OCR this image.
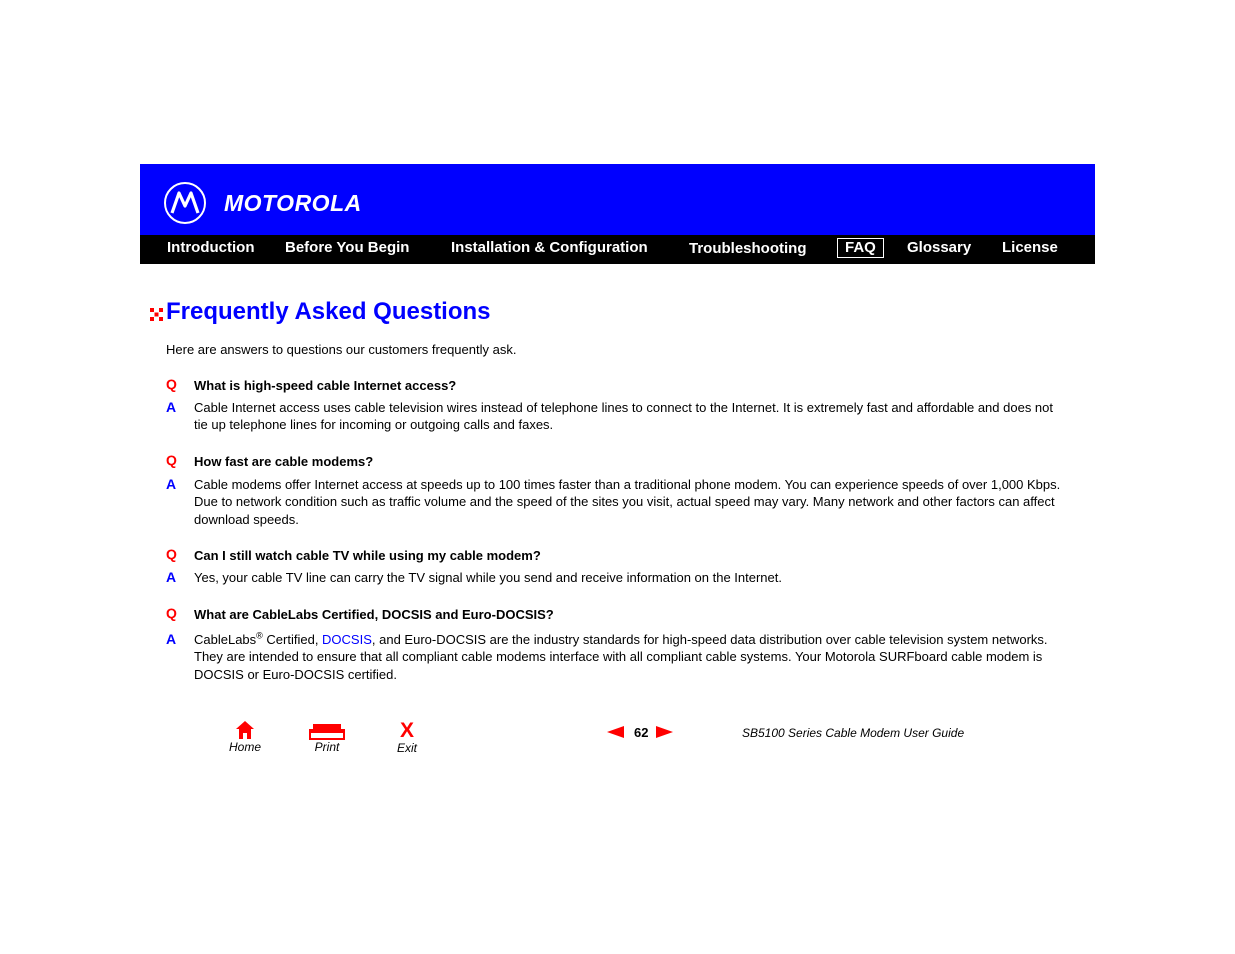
MOTOROLA
Introduction Before You Begin	Installation & Configuration	Troubleshooting	FAQ	Glossary License
Frequently Asked Questions
Here are answers to questions our customers frequently ask.
Q What is high-speed cable Internet access?
A Cable Internet access uses cable television wires instead of telephone lines to connect to the Internet. It is extremely fast and affordable and does not tie up telephone lines for incoming or outgoing calls and faxes.
Q How fast are cable modems?
A Cable modems offer Internet access at speeds up to 100 times faster than a traditional phone modem. You can experience speeds of over 1,000 Kbps. Due to network condition such as traffic volume and the speed of the sites you visit, actual speed may vary. Many network and other factors can affect download speeds.
Q Can I still watch cable TV while using my cable modem?
A Yes, your cable TV line can carry the TV signal while you send and receive information on the Internet.
Q What are CableLabs Certified, DOCSIS and Euro-DOCSIS?
A CableLabs® Certified, DOCSIS, and Euro-DOCSIS are the industry standards for high-speed data distribution over cable television system networks. They are intended to ensure that all compliant cable modems interface with all compliant cable systems. Your Motorola SURFboard cable modem is DOCSIS or Euro-DOCSIS certified.
Home	Print
X
Exit
62	SB5100 Series Cable Modem User Guide
